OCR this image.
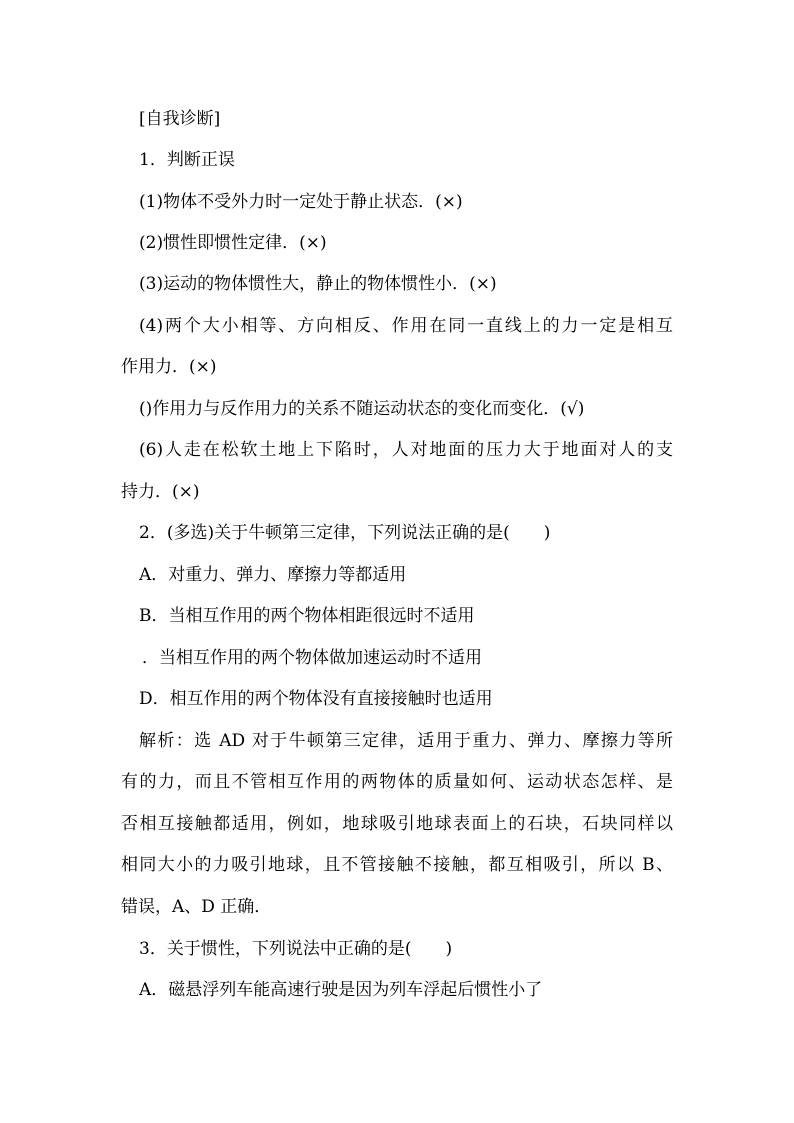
[自我诊断]
1．判断正误
(1)物体不受外力时一定处于静止状态．(×)
(2)惯性即惯性定律．(×)
(3)运动的物体惯性大，静止的物体惯性小．(×)
(4)两个大小相等、方向相反、作用在同一直线上的力一定是相互
作用力．(×)
()作用力与反作用力的关系不随运动状态的变化而变化．(√)
(6)人走在松软土地上下陷时，人对地面的压力大于地面对人的支
持力．(×)
2．(多选)关于牛顿第三定律，下列说法正确的是(　　)
A．对重力、弹力、摩擦力等都适用
B．当相互作用的两个物体相距很远时不适用
．当相互作用的两个物体做加速运动时不适用
D．相互作用的两个物体没有直接接触时也适用
解析：选 AD 对于牛顿第三定律，适用于重力、弹力、摩擦力等所
有的力，而且不管相互作用的两物体的质量如何、运动状态怎样、是
否相互接触都适用，例如，地球吸引地球表面上的石块，石块同样以
相同大小的力吸引地球，且不管接触不接触，都互相吸引，所以 B、
错误，A、D 正确．
3．关于惯性，下列说法中正确的是(　　)
A．磁悬浮列车能高速行驶是因为列车浮起后惯性小了
